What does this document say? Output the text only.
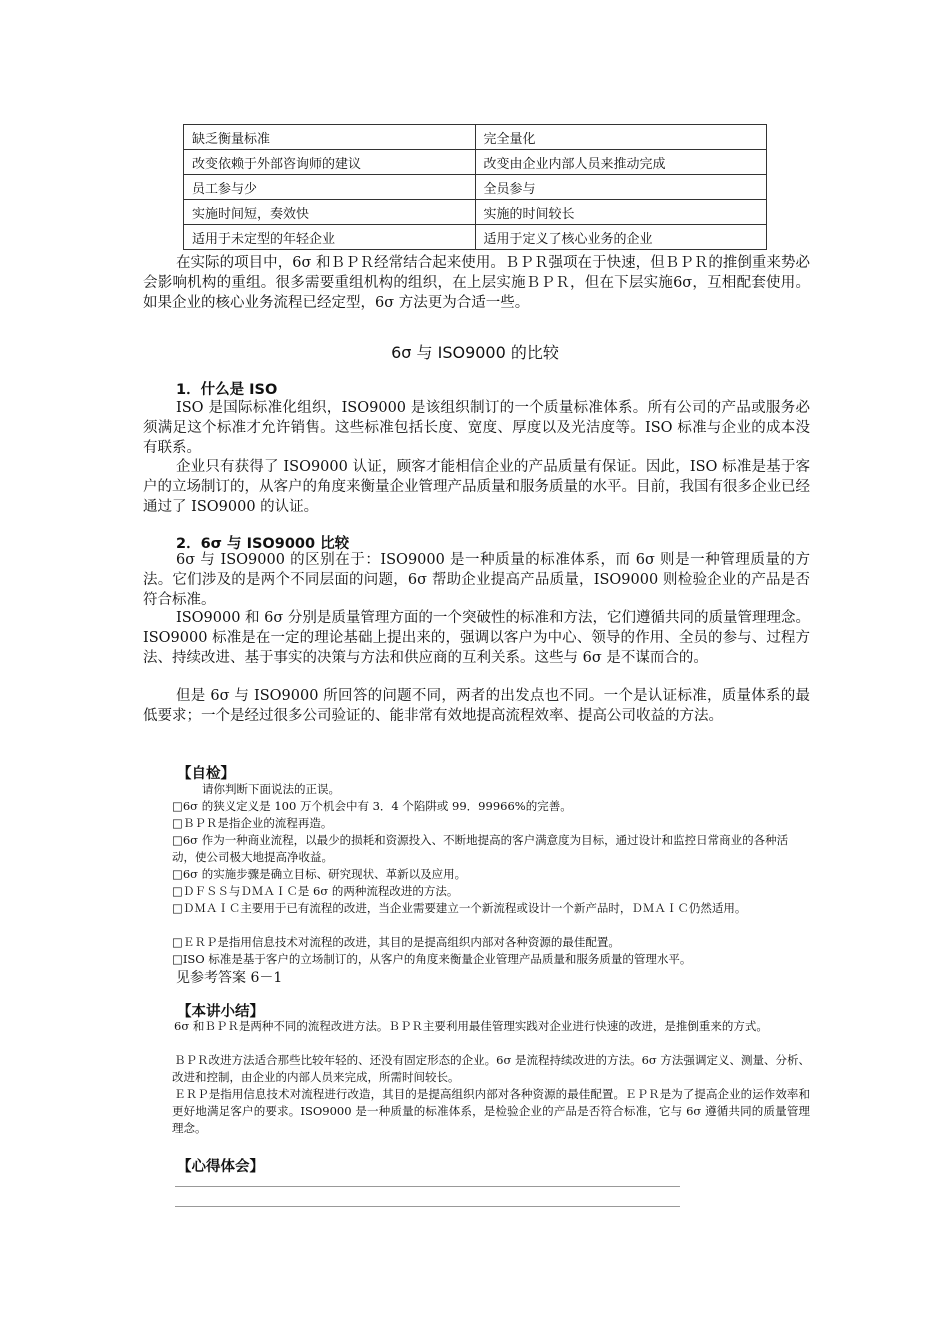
缺乏衡量标准	完全量化
改变依赖于外部咨询师的建议	改变由企业内部人员来推动完成
员工参与少	全员参与
实施时间短，奏效快	实施的时间较长
适用于未定型的年轻企业	适用于定义了核心业务的企业

在实际的项目中，6σ 和ＢＰＲ经常结合起来使用。ＢＰＲ强项在于快速，但ＢＰＲ的推倒重来势必会影响机构的重组。很多需要重组机构的组织，在上层实施ＢＰＲ，但在下层实施6σ，互相配套使用。如果企业的核心业务流程已经定型，6σ 方法更为合适一些。

6σ 与 ISO9000 的比较
1．什么是 ISO

ISO 是国际标准化组织，ISO9000 是该组织制订的一个质量标准体系。所有公司的产品或服务必须满足这个标准才允许销售。这些标准包括长度、宽度、厚度以及光洁度等。ISO 标准与企业的成本没有联系。

企业只有获得了 ISO9000 认证，顾客才能相信企业的产品质量有保证。因此，ISO 标准是基于客户的立场制订的，从客户的角度来衡量企业管理产品质量和服务质量的水平。目前，我国有很多企业已经通过了 ISO9000 的认证。

2．6σ 与 ISO9000 比较

6σ 与 ISO9000 的区别在于：ISO9000 是一种质量的标准体系，而 6σ 则是一种管理质量的方法。它们涉及的是两个不同层面的问题，6σ 帮助企业提高产品质量，ISO9000 则检验企业的产品是否符合标准。

ISO9000 和 6σ 分别是质量管理方面的一个突破性的标准和方法，它们遵循共同的质量管理理念。ISO9000 标准是在一定的理论基础上提出来的，强调以客户为中心、领导的作用、全员的参与、过程方法、持续改进、基于事实的决策与方法和供应商的互利关系。这些与 6σ 是不谋而合的。

但是 6σ 与 ISO9000 所回答的问题不同，两者的出发点也不同。一个是认证标准，质量体系的最低要求；一个是经过很多公司验证的、能非常有效地提高流程效率、提高公司收益的方法。

【自检】
请你判断下面说法的正误。

□6σ 的狭义定义是 100 万个机会中有 3．4 个陷阱或 99．99966%的完善。

□ＢＰＲ是指企业的流程再造。

□6σ 作为一种商业流程，以最少的损耗和资源投入、不断地提高的客户满意度为目标，通过设计和监控日常商业的各种活动，使公司极大地提高净收益。

□6σ 的实施步骤是确立目标、研究现状、革新以及应用。

□ＤＦＳＳ与ＤＭＡＩＣ是 6σ 的两种流程改进的方法。

□ＤＭＡＩＣ主要用于已有流程的改进，当企业需要建立一个新流程或设计一个新产品时，ＤＭＡＩＣ仍然适用。

□ＥＲＰ是指用信息技术对流程的改进，其目的是提高组织内部对各种资源的最佳配置。

□ISO 标准是基于客户的立场制订的，从客户的角度来衡量企业管理产品质量和服务质量的管理水平。

见参考答案 6－1
【本讲小结】

6σ 和ＢＰＲ是两种不同的流程改进方法。ＢＰＲ主要利用最佳管理实践对企业进行快速的改进，是推倒重来的方式。

ＢＰＲ改进方法适合那些比较年轻的、还没有固定形态的企业。6σ 是流程持续改进的方法。6σ 方法强调定义、测量、分析、改进和控制，由企业的内部人员来完成，所需时间较长。

ＥＲＰ是指用信息技术对流程进行改造，其目的是提高组织内部对各种资源的最佳配置。ＥＰＲ是为了提高企业的运作效率和更好地满足客户的要求。ISO9000 是一种质量的标准体系，是检验企业的产品是否符合标准，它与 6σ 遵循共同的质量管理理念。

【心得体会】
